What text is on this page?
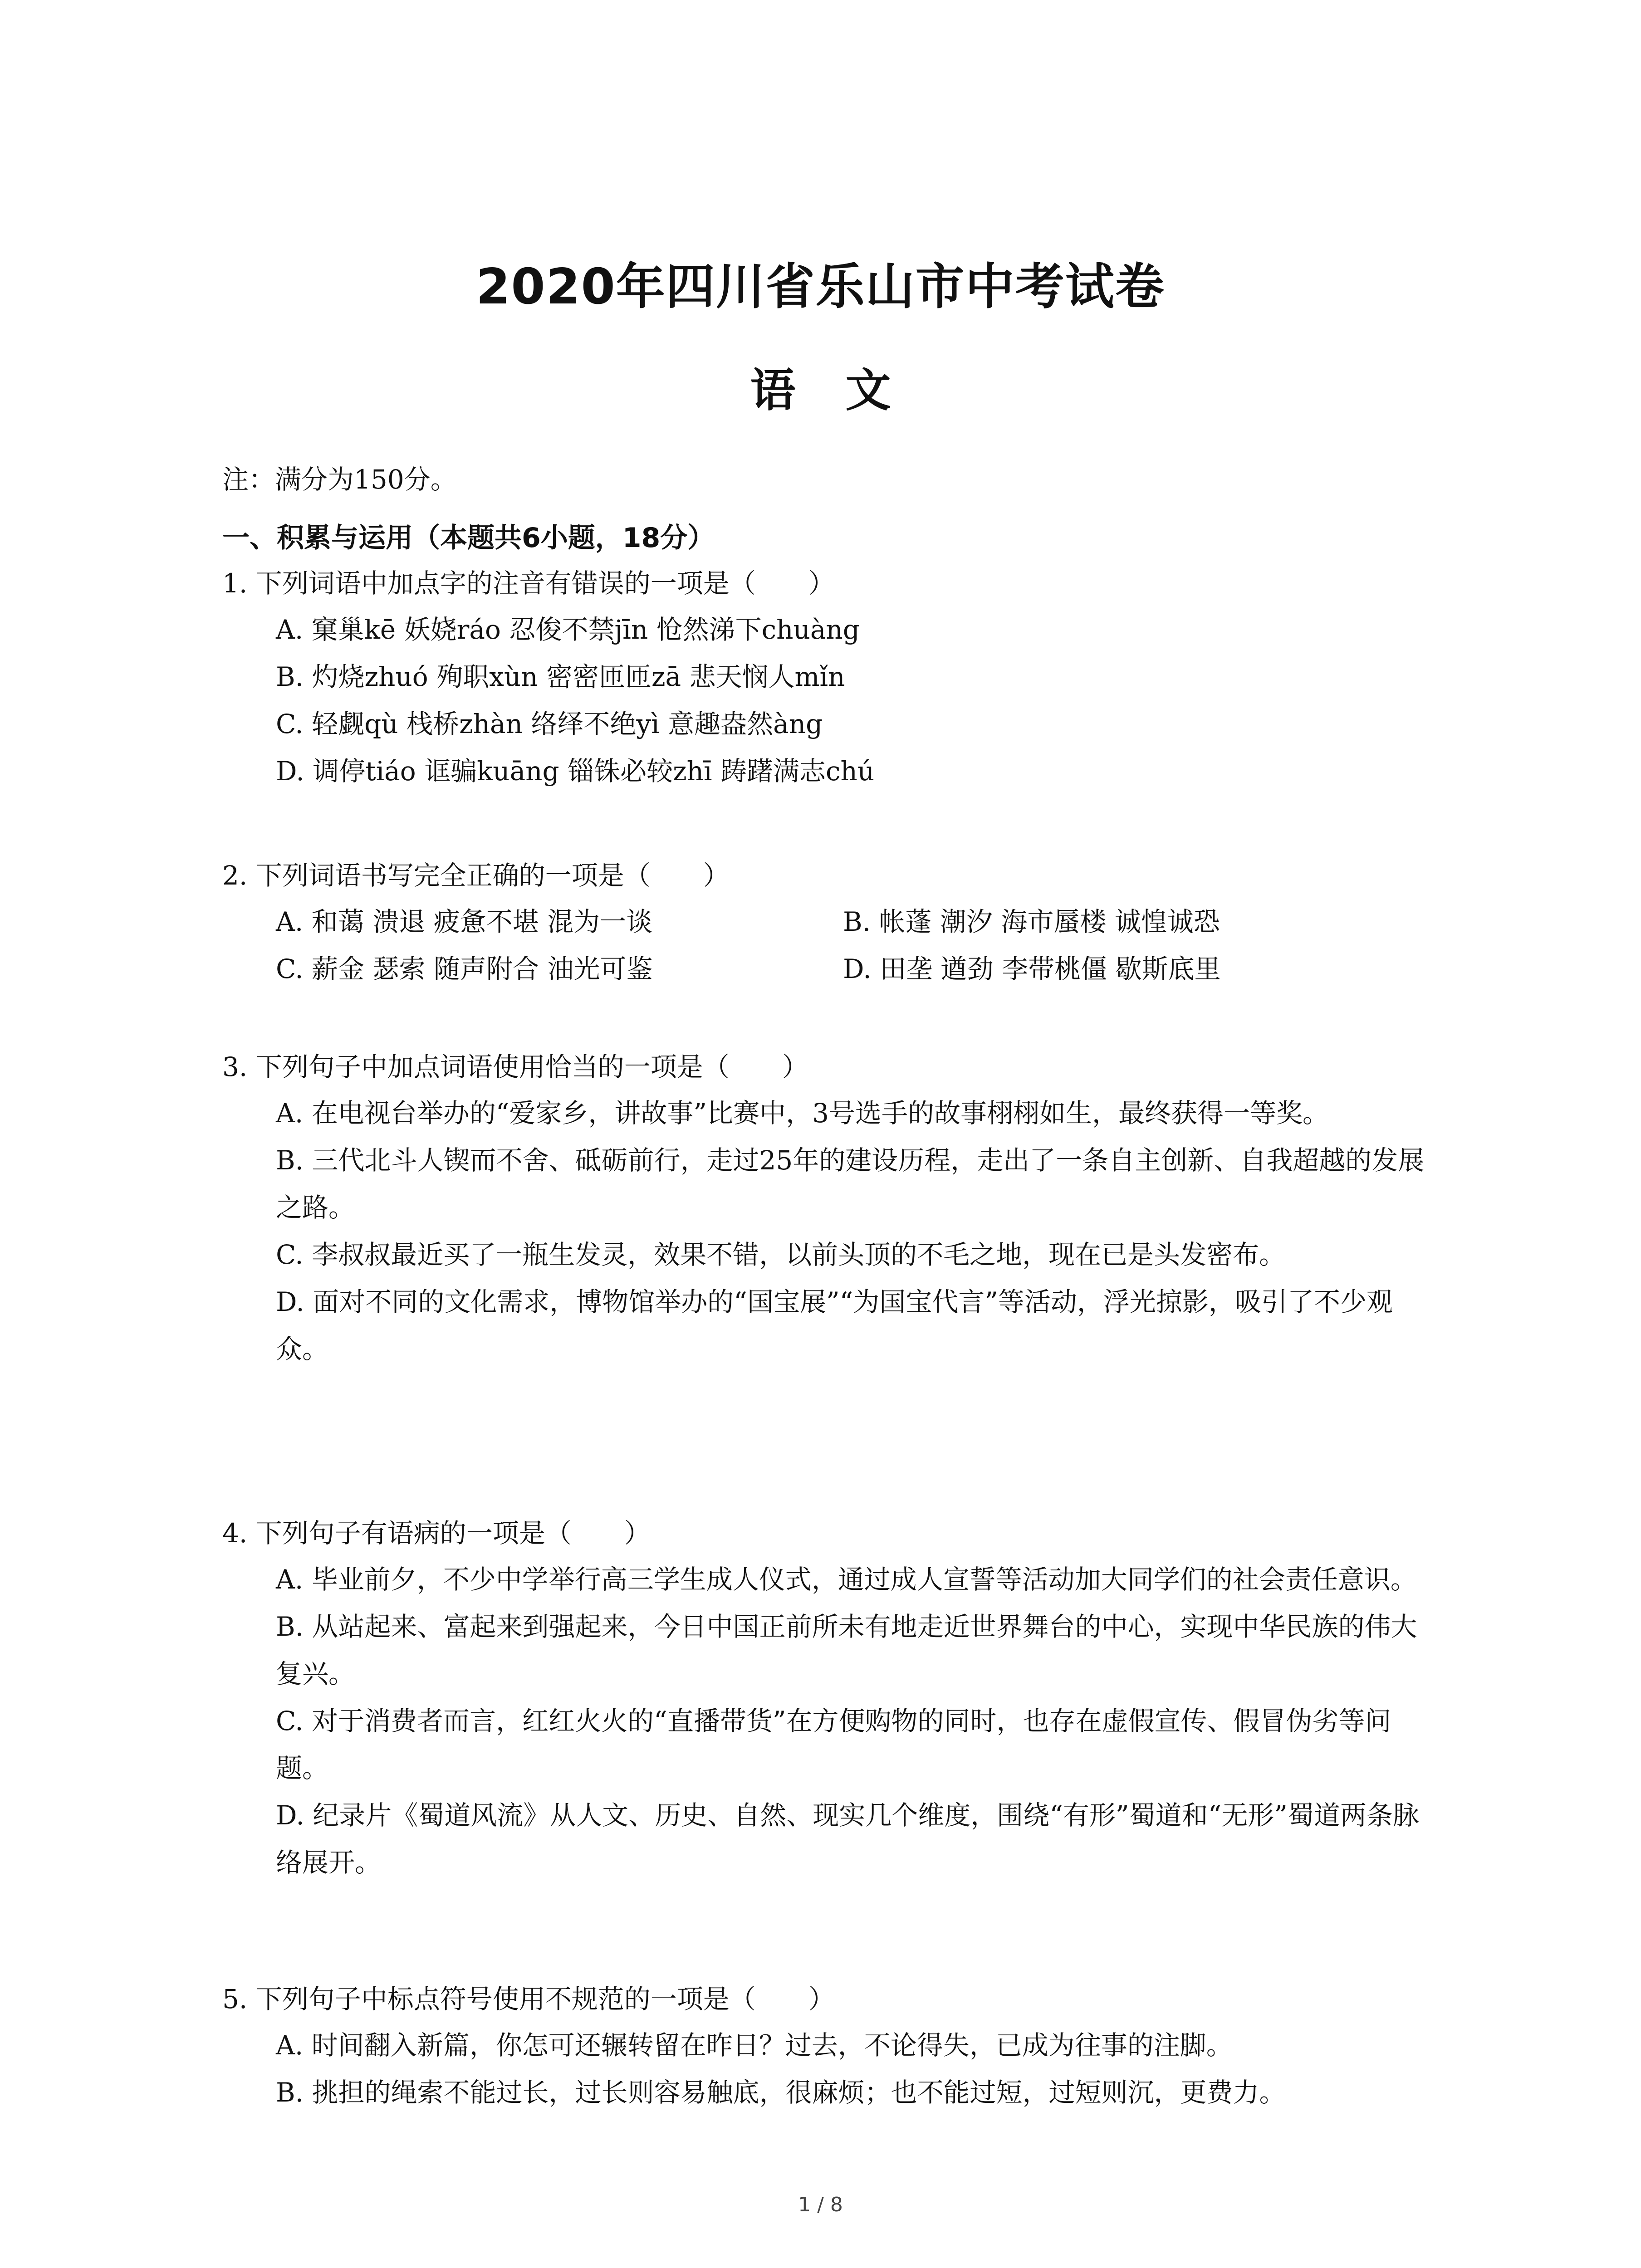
2020年四川省乐山市中考试卷
语文
注：满分为150分。
一、积累与运用（本题共6小题，18分）
1. 下列词语中加点字的注音有错误的一项是（　　）
A. 窠巢kē 妖娆ráo 忍俊不禁jīn 怆然涕下chuàng
B. 灼烧zhuó 殉职xùn 密密匝匝zā 悲天悯人mǐn
C. 轻觑qù 栈桥zhàn 络绎不绝yì 意趣盎然àng
D. 调停tiáo 诓骗kuāng 锱铢必较zhī 踌躇满志chú
2. 下列词语书写完全正确的一项是（　　）
A. 和蔼 溃退 疲惫不堪 混为一谈	B. 帐蓬 潮汐 海市蜃楼 诚惶诚恐
C. 薪金 瑟索 随声附合 油光可鉴	D. 田垄 遒劲 李带桃僵 歇斯底里
3. 下列句子中加点词语使用恰当的一项是（　　）
A. 在电视台举办的“爱家乡，讲故事”比赛中，3号选手的故事栩栩如生，最终获得一等奖。
B. 三代北斗人锲而不舍、砥砺前行，走过25年的建设历程，走出了一条自主创新、自我超越的发展之路。
C. 李叔叔最近买了一瓶生发灵，效果不错，以前头顶的不毛之地，现在已是头发密布。
D. 面对不同的文化需求，博物馆举办的“国宝展”“为国宝代言”等活动，浮光掠影，吸引了不少观众。
4. 下列句子有语病的一项是（　　）
A. 毕业前夕，不少中学举行高三学生成人仪式，通过成人宣誓等活动加大同学们的社会责任意识。
B. 从站起来、富起来到强起来，今日中国正前所未有地走近世界舞台的中心，实现中华民族的伟大复兴。
C. 对于消费者而言，红红火火的“直播带货”在方便购物的同时，也存在虚假宣传、假冒伪劣等问题。
D. 纪录片《蜀道风流》从人文、历史、自然、现实几个维度，围绕“有形”蜀道和“无形”蜀道两条脉络展开。
5. 下列句子中标点符号使用不规范的一项是（　　）
A. 时间翻入新篇，你怎可还辗转留在昨日？过去，不论得失，已成为往事的注脚。
B. 挑担的绳索不能过长，过长则容易触底，很麻烦；也不能过短，过短则沉，更费力。
1 / 8
